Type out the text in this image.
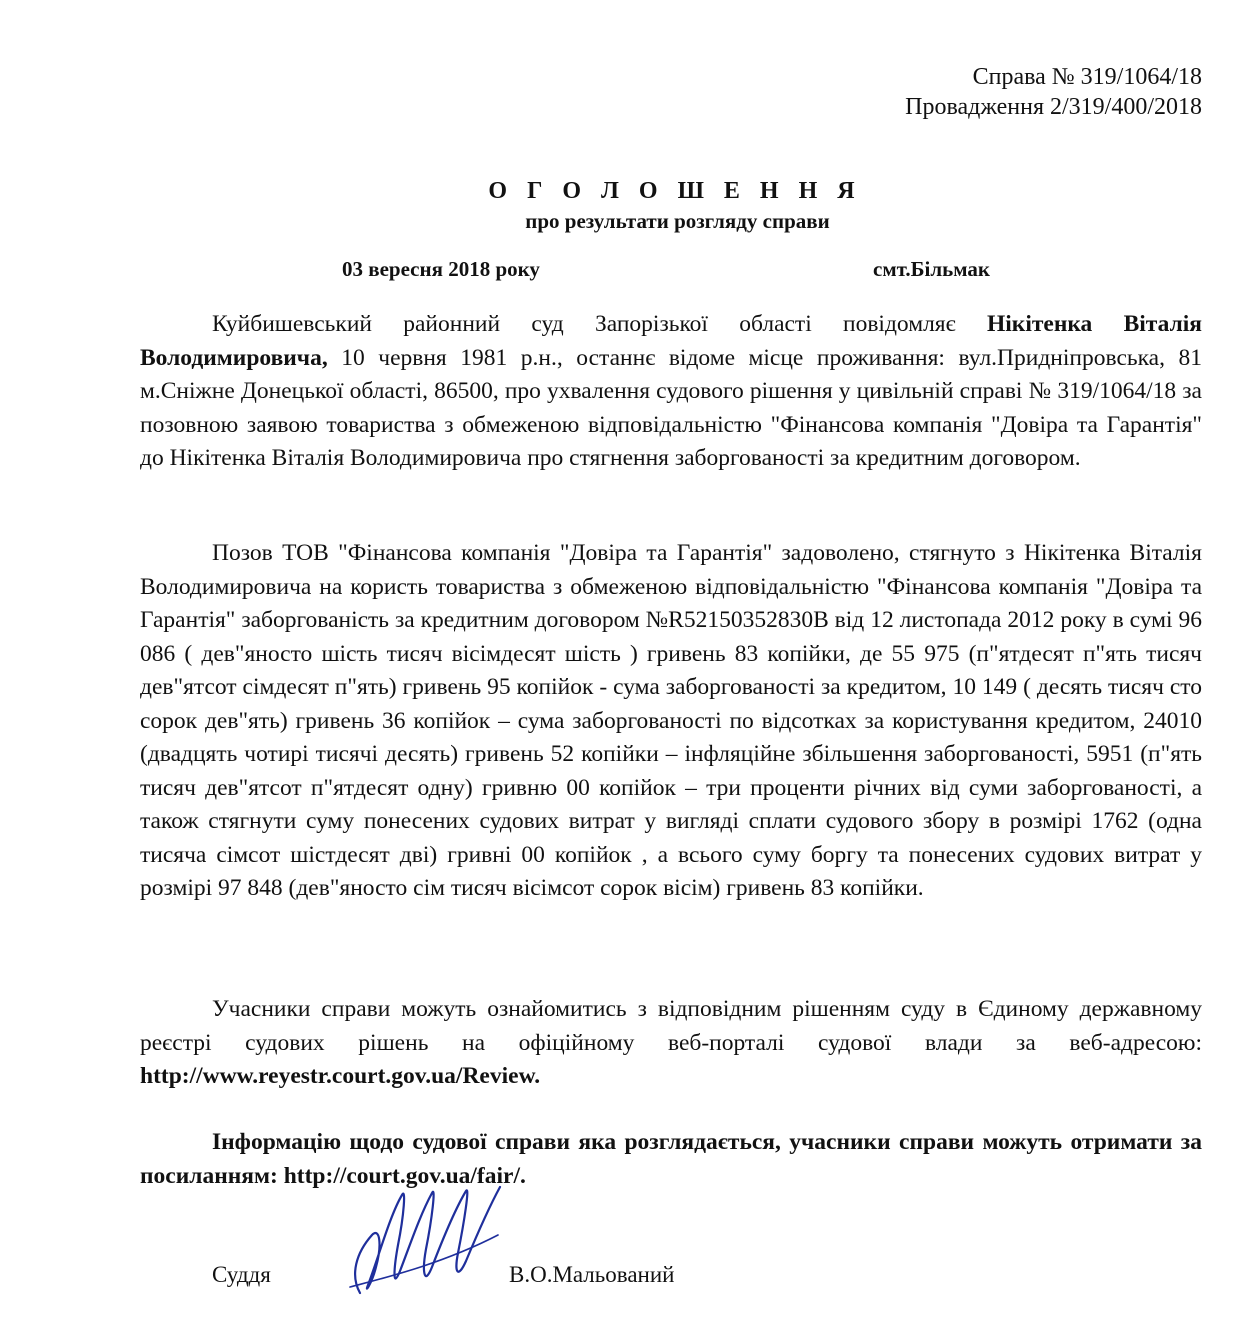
Справа № 319/1064/18
Провадження 2/319/400/2018
О Г О Л О Ш Е Н Н Я
про результати розгляду справи
03 вересня 2018 року	смт.Більмак

Куйбишевський районний суд Запорізької області повідомляє Нікітенка Віталія Володимировича, 10 червня 1981 р.н., останнє відоме місце проживання: вул.Придніпровська, 81 м.Сніжне Донецької області, 86500, про ухвалення судового рішення у цивільній справі № 319/1064/18 за позовною заявою товариства з обмеженою відповідальністю "Фінансова компанія "Довіра та Гарантія" до Нікітенка Віталія Володимировича про стягнення заборгованості за кредитним договором.

Позов ТОВ "Фінансова компанія "Довіра та Гарантія" задоволено, стягнуто з Нікітенка Віталія Володимировича на користь товариства з обмеженою відповідальністю "Фінансова компанія "Довіра та Гарантія" заборгованість за кредитним договором №R52150352830B від 12 листопада 2012 року в сумі 96 086 ( дев"яносто шість тисяч вісімдесят шість ) гривень 83 копійки, де 55 975 (п"ятдесят п"ять тисяч дев"ятсот сімдесят п"ять) гривень 95 копійок - сума заборгованості за кредитом, 10 149 ( десять тисяч сто сорок дев"ять) гривень 36 копійок – сума заборгованості по відсотках за користування кредитом, 24010 (двадцять чотирі тисячі десять) гривень 52 копійки – інфляційне збільшення заборгованості, 5951 (п"ять тисяч дев"ятсот п"ятдесят одну) гривню 00 копійок – три проценти річних від суми заборгованості, а також стягнути суму понесених судових витрат у вигляді сплати судового збору в розмірі 1762 (одна тисяча сімсот шістдесят дві) гривні 00 копійок , а всього суму боргу та понесених судових витрат у розмірі 97 848 (дев"яносто сім тисяч вісімсот сорок вісім) гривень 83 копійки.

Учасники справи можуть ознайомитись з відповідним рішенням суду в Єдиному державному реєстрі судових рішень на офіційному веб-порталі судової влади за веб-адресою: http://www.reyestr.court.gov.ua/Review.

Інформацію щодо судової справи яка розглядається, учасники справи можуть отримати за посиланням: http://court.gov.ua/fair/.

Суддя	В.О.Мальований
